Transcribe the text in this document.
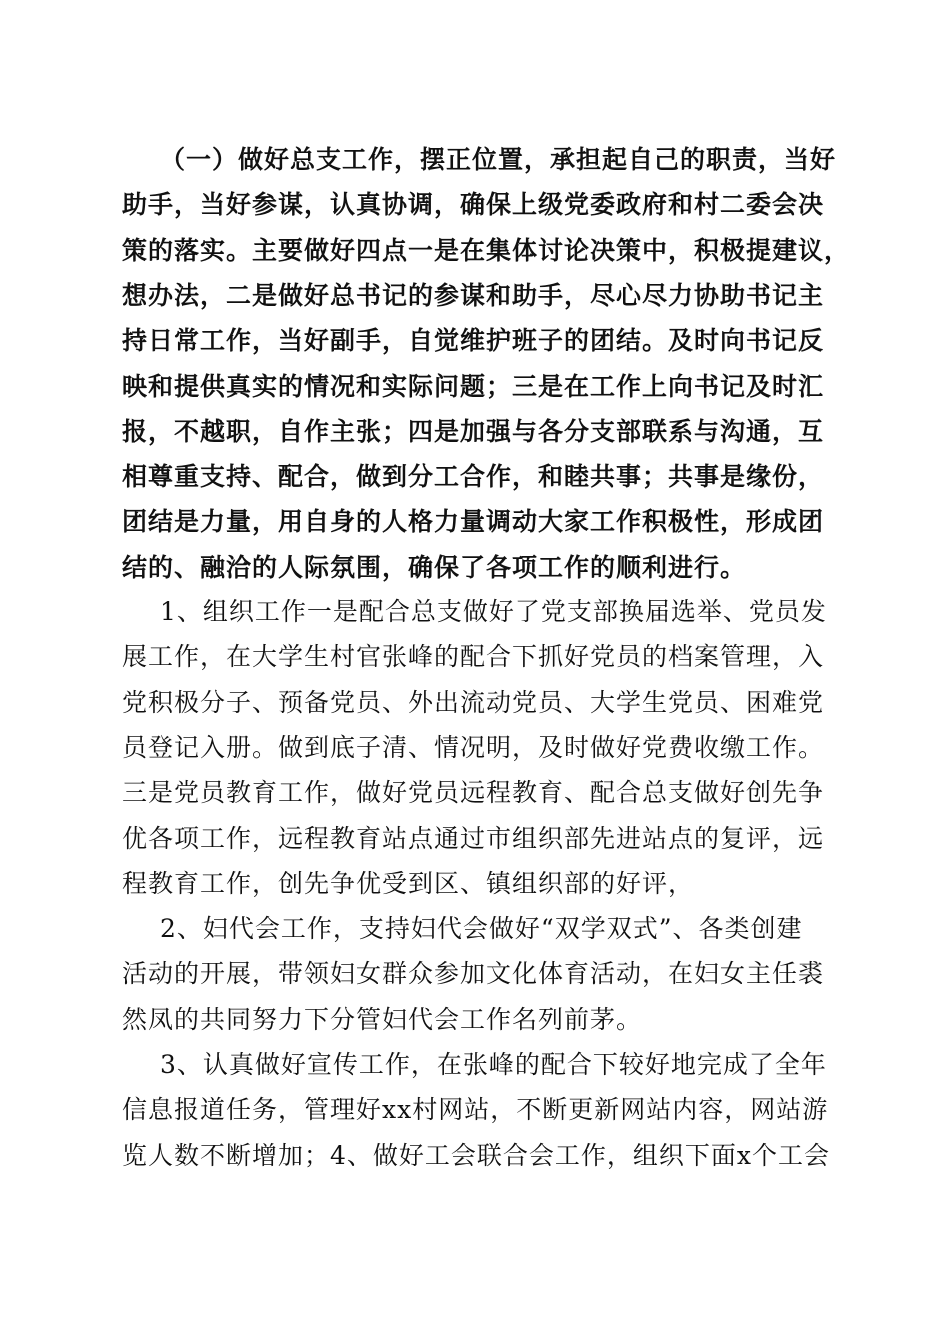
（一）做好总支工作，摆正位置，承担起自己的职责，当好
助手，当好参谋，认真协调，确保上级党委政府和村二委会决
策的落实。主要做好四点一是在集体讨论决策中，积极提建议，
想办法，二是做好总书记的参谋和助手，尽心尽力协助书记主
持日常工作，当好副手，自觉维护班子的团结。及时向书记反
映和提供真实的情况和实际问题；三是在工作上向书记及时汇
报，不越职，自作主张；四是加强与各分支部联系与沟通，互
相尊重支持、配合，做到分工合作，和睦共事；共事是缘份，
团结是力量，用自身的人格力量调动大家工作积极性，形成团
结的、融洽的人际氛围，确保了各项工作的顺利进行。
1、组织工作一是配合总支做好了党支部换届选举、党员发
展工作，在大学生村官张峰的配合下抓好党员的档案管理，入
党积极分子、预备党员、外出流动党员、大学生党员、困难党
员登记入册。做到底子清、情况明，及时做好党费收缴工作。
三是党员教育工作，做好党员远程教育、配合总支做好创先争
优各项工作，远程教育站点通过市组织部先进站点的复评，远
程教育工作，创先争优受到区、镇组织部的好评，
2、妇代会工作，支持妇代会做好“双学双式”、各类创建
活动的开展，带领妇女群众参加文化体育活动，在妇女主任裘
然凤的共同努力下分管妇代会工作名列前茅。
3、认真做好宣传工作，在张峰的配合下较好地完成了全年
信息报道任务，管理好xx村网站，不断更新网站内容，网站游
览人数不断增加；4、做好工会联合会工作，组织下面x个工会
